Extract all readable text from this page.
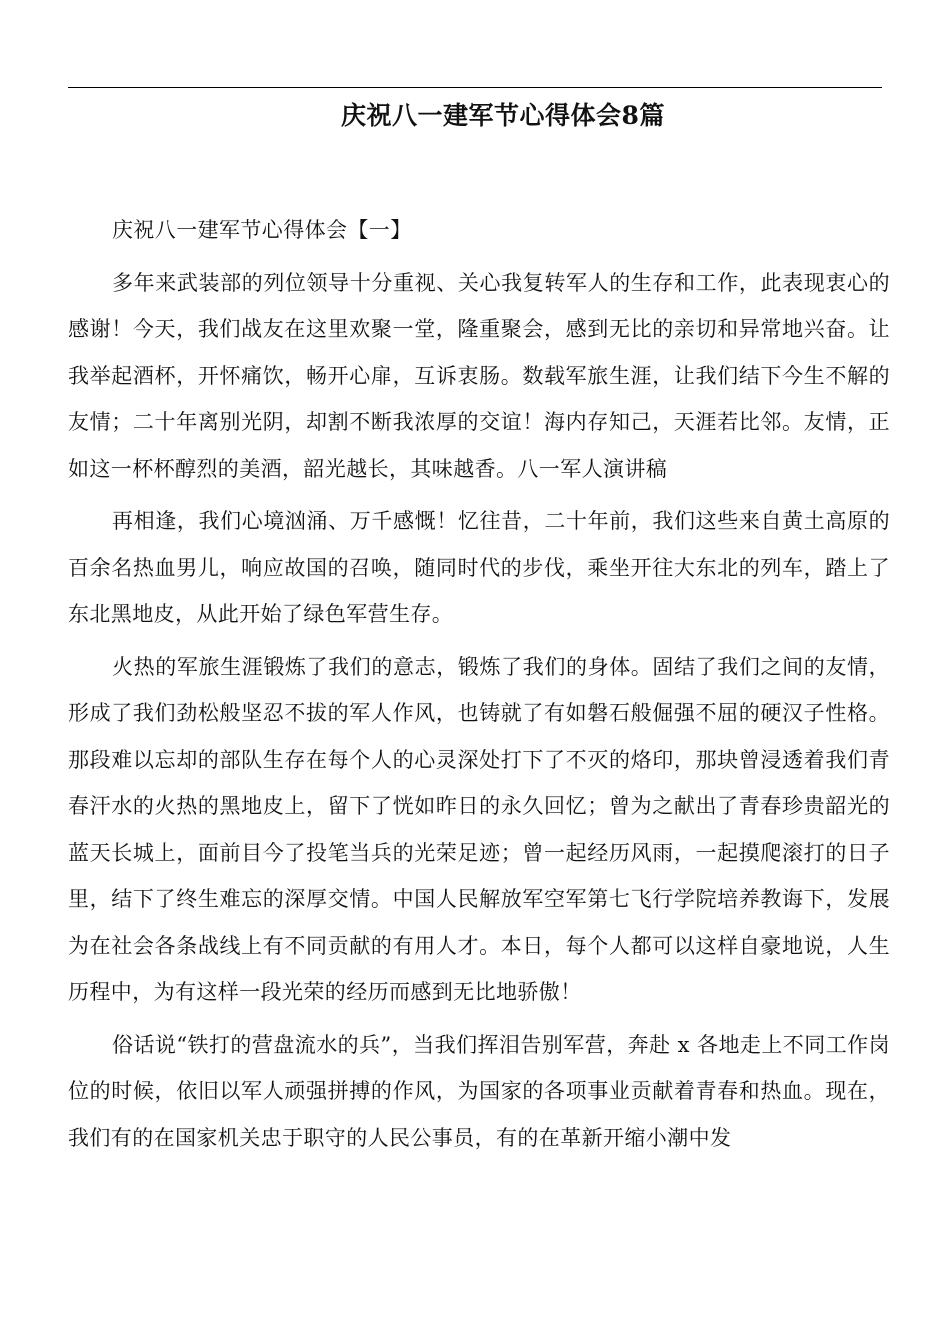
庆祝八一建军节心得体会8篇

庆祝八一建军节心得体会【一】

多年来武装部的列位领导十分重视、关心我复转军人的生存和工作，此表现衷心的感谢！今天，我们战友在这里欢聚一堂，隆重聚会，感到无比的亲切和异常地兴奋。让我举起酒杯，开怀痛饮，畅开心扉，互诉衷肠。数载军旅生涯，让我们结下今生不解的友情；二十年离别光阴，却割不断我浓厚的交谊！海内存知己，天涯若比邻。友情，正如这一杯杯醇烈的美酒，韶光越长，其味越香。八一军人演讲稿

再相逢，我们心境汹涌、万千感慨！忆往昔，二十年前，我们这些来自黄土高原的百余名热血男儿，响应故国的召唤，随同时代的步伐，乘坐开往大东北的列车，踏上了东北黑地皮，从此开始了绿色军营生存。

火热的军旅生涯锻炼了我们的意志，锻炼了我们的身体。固结了我们之间的友情，形成了我们劲松般坚忍不拔的军人作风，也铸就了有如磐石般倔强不屈的硬汉子性格。那段难以忘却的部队生存在每个人的心灵深处打下了不灭的烙印，那块曾浸透着我们青春汗水的火热的黑地皮上，留下了恍如昨日的永久回忆；曾为之献出了青春珍贵韶光的蓝天长城上，面前目今了投笔当兵的光荣足迹；曾一起经历风雨，一起摸爬滚打的日子里，结下了终生难忘的深厚交情。中国人民解放军空军第七飞行学院培养教诲下，发展为在社会各条战线上有不同贡献的有用人才。本日，每个人都可以这样自豪地说，人生历程中，为有这样一段光荣的经历而感到无比地骄傲！

俗话说“铁打的营盘流水的兵”，当我们挥泪告别军营，奔赴 x 各地走上不同工作岗位的时候，依旧以军人顽强拼搏的作风，为国家的各项事业贡献着青春和热血。现在，我们有的在国家机关忠于职守的人民公事员，有的在革新开缩小潮中发
